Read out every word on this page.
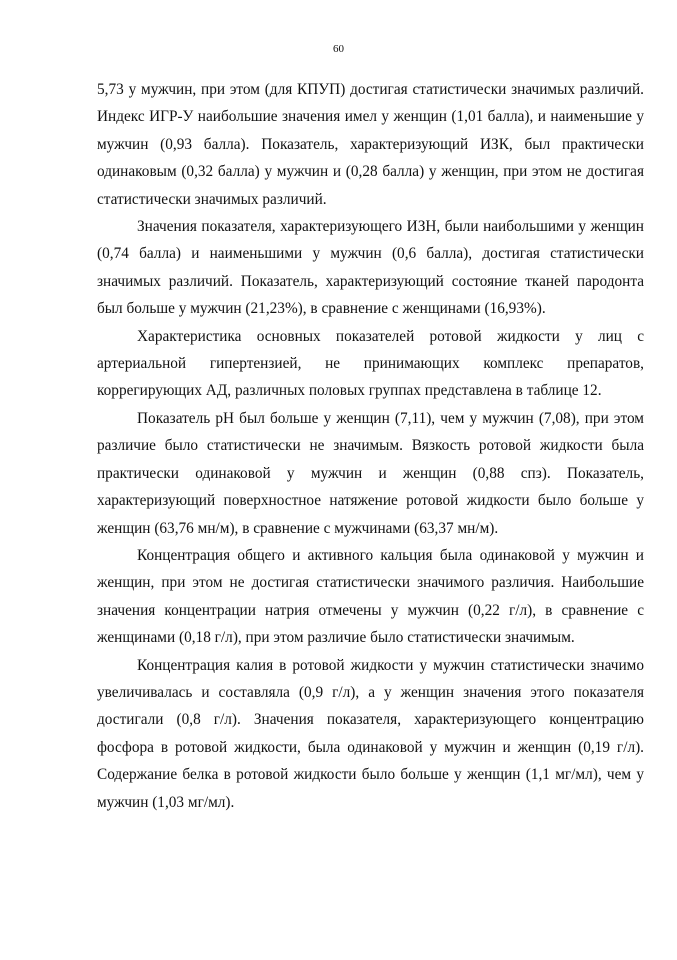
60

5,73 у мужчин, при этом (для КПУП) достигая статистически значимых различий. Индекс ИГР-У наибольшие значения имел у женщин (1,01 балла), и наименьшие у мужчин (0,93 балла). Показатель, характеризующий ИЗК, был практически одинаковым (0,32 балла) у мужчин и (0,28 балла) у женщин, при этом не достигая статистически значимых различий.

Значения показателя, характеризующего ИЗН, были наибольшими у женщин (0,74 балла) и наименьшими у мужчин (0,6 балла), достигая статистически значимых различий. Показатель, характеризующий состояние тканей пародонта был больше у мужчин (21,23%), в сравнение с женщинами (16,93%).

Характеристика основных показателей ротовой жидкости у лиц с артериальной гипертензией, не принимающих комплекс препаратов, коррегирующих АД, различных половых группах представлена в таблице 12.

Показатель pH был больше у женщин (7,11), чем у мужчин (7,08), при этом различие было статистически не значимым. Вязкость ротовой жидкости была практически одинаковой у мужчин и женщин (0,88 спз). Показатель, характеризующий поверхностное натяжение ротовой жидкости было больше у женщин (63,76 мн/м), в сравнение с мужчинами (63,37 мн/м).

Концентрация общего и активного кальция была одинаковой у мужчин и женщин, при этом не достигая статистически значимого различия. Наибольшие значения концентрации натрия отмечены у мужчин (0,22 г/л), в сравнение с женщинами (0,18 г/л), при этом различие было статистически значимым.

Концентрация калия в ротовой жидкости у мужчин статистически значимо увеличивалась и составляла (0,9 г/л), а у женщин значения этого показателя достигали (0,8 г/л). Значения показателя, характеризующего концентрацию фосфора в ротовой жидкости, была одинаковой у мужчин и женщин (0,19 г/л). Содержание белка в ротовой жидкости было больше у женщин (1,1 мг/мл), чем у мужчин (1,03 мг/мл).
